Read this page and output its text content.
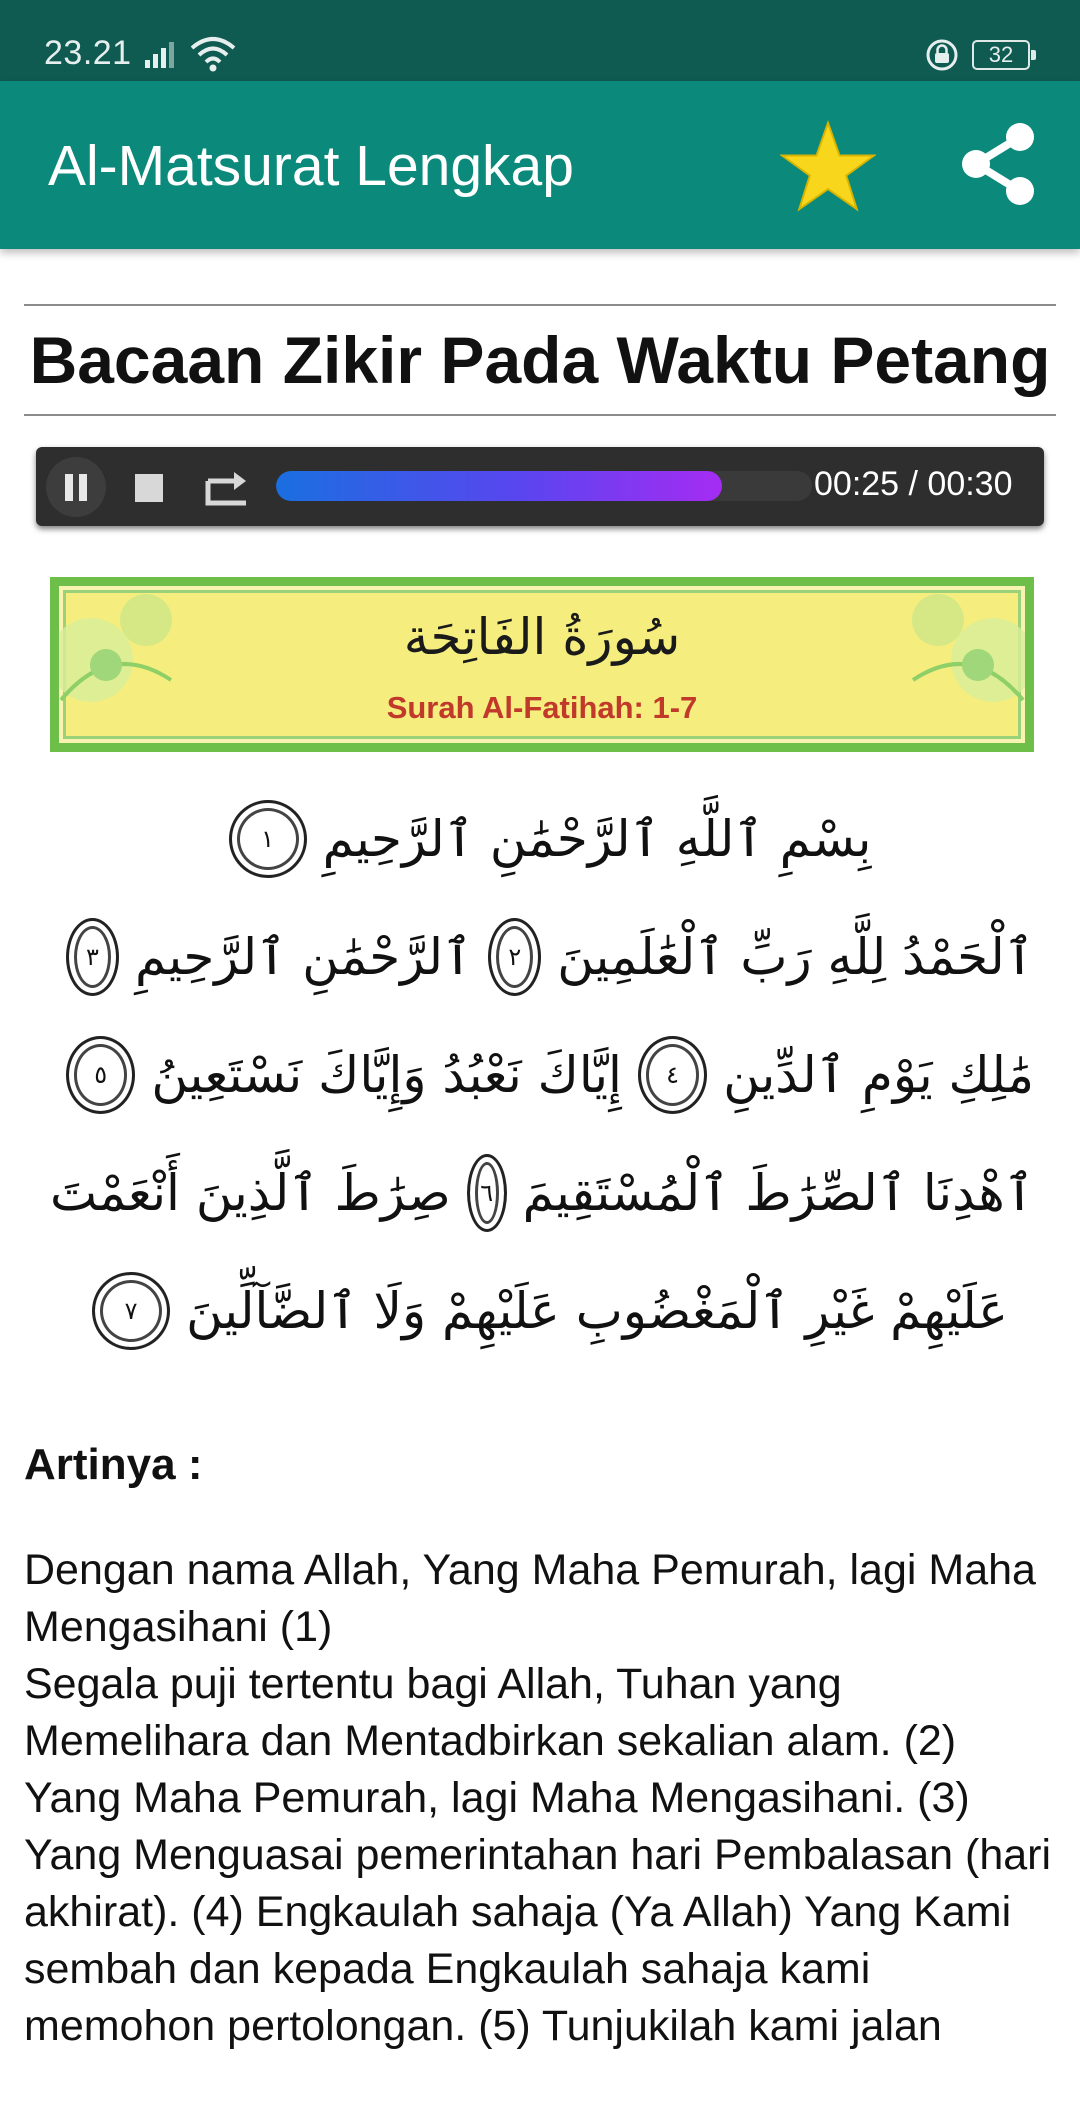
23.21	32
Al-Matsurat Lengkap
Bacaan Zikir Pada Waktu Petang
00:25 / 00:30
سُورَةُ الفَاتِحَة
Surah Al-Fatihah: 1-7
بِسْمِ ٱللَّهِ ٱلرَّحْمَٰنِ ٱلرَّحِيمِ
١
ٱلْحَمْدُ لِلَّهِ رَبِّ ٱلْعَٰلَمِينَ
٢
ٱلرَّحْمَٰنِ ٱلرَّحِيمِ
٣
مَٰلِكِ يَوْمِ ٱلدِّينِ
٤
إِيَّاكَ نَعْبُدُ وَإِيَّاكَ نَسْتَعِينُ
٥
ٱهْدِنَا ٱلصِّرَٰطَ ٱلْمُسْتَقِيمَ
٦
صِرَٰطَ ٱلَّذِينَ أَنْعَمْتَ
عَلَيْهِمْ غَيْرِ ٱلْمَغْضُوبِ عَلَيْهِمْ وَلَا ٱلضَّآلِّينَ
٧
Artinya :

Dengan nama Allah, Yang Maha Pemurah, lagi Maha Mengasihani (1)

Segala puji tertentu bagi Allah, Tuhan yang Memelihara dan Mentadbirkan sekalian alam. (2) Yang Maha Pemurah, lagi Maha Mengasihani. (3) Yang Menguasai pemerintahan hari Pembalasan (hari akhirat). (4) Engkaulah sahaja (Ya Allah) Yang Kami sembah dan kepada Engkaulah sahaja kami memohon pertolongan. (5) Tunjukilah kami jalan
